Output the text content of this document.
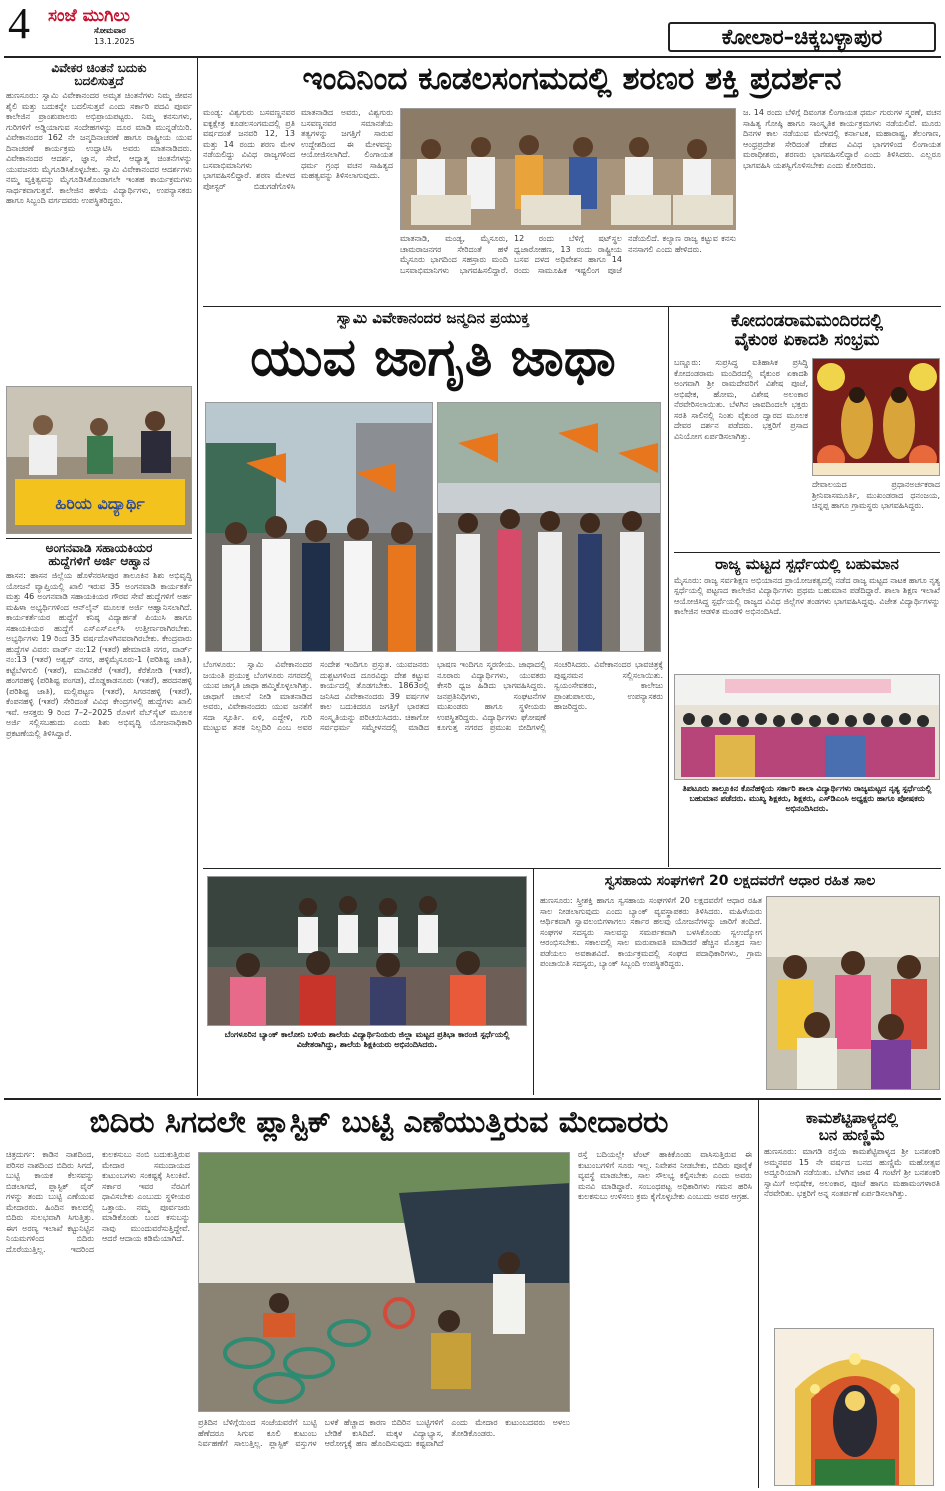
4 ಸಂಜೆ ಮುಗಿಲು
ಸೋಮವಾರ
13.1.2025	ಕೋಲಾರ–ಚಿಕ್ಕಬಳ್ಳಾಪುರ
ವಿವೇಕರ ಚಿಂತನೆ ಬದುಕು
ಬದಲಿಸುತ್ತದೆ
ಹುಣಸೂರು: ಸ್ವಾಮಿ ವಿವೇಕಾನಂದರ ಅಮೃತ ಚಿಂತನೆಗಳು ನಿಮ್ಮ ಜೀವನ ಶೈಲಿ ಮತ್ತು ಬದುಕನ್ನೇ ಬದಲಿಸುತ್ತವೆ ಎಂದು ಸರ್ಕಾರಿ ಪದವಿ ಪೂರ್ವ ಕಾಲೇಜಿನ ಪ್ರಾಂಶುಪಾಲರು ಅಭಿಪ್ರಾಯಪಟ್ಟರು. ನಿಮ್ಮ ಕನಸುಗಳು, ಗುರಿಗಳಿಗೆ ಅಡ್ಡಿಯಾಗುವ ಸಂದೇಹಗಳನ್ನು ದೂರ ಮಾಡಿ ಮುನ್ನಡೆಯಿರಿ. ವಿವೇಕಾನಂದರ 162 ನೇ ಜನ್ಮದಿನಾಚರಣೆ ಹಾಗೂ ರಾಷ್ಟ್ರೀಯ ಯುವ ದಿನಾಚರಣೆ ಕಾರ್ಯಕ್ರಮ ಉದ್ಘಾಟಿಸಿ ಅವರು ಮಾತನಾಡಿದರು. ವಿವೇಕಾನಂದರ ಆದರ್ಶ, ಜ್ಞಾನ, ಸೇವೆ, ಆಧ್ಯಾತ್ಮ ಚಿಂತನೆಗಳನ್ನು ಯುವಜನರು ಮೈಗೂಡಿಸಿಕೊಳ್ಳಬೇಕು. ಸ್ವಾಮಿ ವಿವೇಕಾನಂದರ ಆದರ್ಶಗಳು ನಮ್ಮ ವ್ಯಕ್ತಿತ್ವವನ್ನು ಮೈಗೂಡಿಸಿಕೊಂಡಾಗಲೇ ಇಂತಹ ಕಾರ್ಯಕ್ರಮಗಳು ಸಾರ್ಥಕವಾಗುತ್ತವೆ. ಕಾಲೇಜಿನ ಹಳೆಯ ವಿದ್ಯಾರ್ಥಿಗಳು, ಉಪನ್ಯಾಸಕರು ಹಾಗೂ ಸಿಬ್ಬಂದಿ ವರ್ಗದವರು ಉಪಸ್ಥಿತರಿದ್ದರು.
ಹಿರಿಯ ವಿದ್ಯಾರ್ಥಿ
ಅಂಗನವಾಡಿ ಸಹಾಯಕಿಯರ
ಹುದ್ದೆಗಳಿಗೆ ಅರ್ಜಿ ಆಹ್ವಾನ
ಹಾಸನ: ಹಾಸನ ಜಿಲ್ಲೆಯ ಹೊಳೆನರಸೀಪುರ ತಾಲೂಕಿನ ಶಿಶು ಅಭಿವೃದ್ಧಿ ಯೋಜನೆ ವ್ಯಾಪ್ತಿಯಲ್ಲಿ ಖಾಲಿ ಇರುವ 35 ಅಂಗನವಾಡಿ ಕಾರ್ಯಕರ್ತೆ ಮತ್ತು 46 ಅಂಗನವಾಡಿ ಸಹಾಯಕಿಯರ ಗೌರವ ಸೇವೆ ಹುದ್ದೆಗಳಿಗೆ ಅರ್ಹ ಮಹಿಳಾ ಅಭ್ಯರ್ಥಿಗಳಿಂದ ಆನ್‌ಲೈನ್ ಮೂಲಕ ಅರ್ಜಿ ಆಹ್ವಾನಿಸಲಾಗಿದೆ. ಕಾರ್ಯಕರ್ತೆಯರ ಹುದ್ದೆಗೆ ಕನಿಷ್ಠ ವಿದ್ಯಾರ್ಹತೆ ಪಿಯುಸಿ ಹಾಗೂ ಸಹಾಯಕಿಯರ ಹುದ್ದೆಗೆ ಎಸ್‌ಎಸ್‌ಎಲ್‌ಸಿ ಉತ್ತೀರ್ಣರಾಗಿರಬೇಕು. ಅಭ್ಯರ್ಥಿಗಳು 19 ರಿಂದ 35 ವರ್ಷದೊಳಗಿನವರಾಗಿರಬೇಕು. ಕೇಂದ್ರವಾರು ಹುದ್ದೆಗಳ ವಿವರ: ವಾರ್ಡ್ ನಂ:12 (ಇತರೆ) ಹೇಮಾವತಿ ನಗರ, ವಾರ್ಡ್ ನಂ:13 (ಇತರೆ) ಅಶ್ವಥ್ ನಗರ, ಹಳ್ಳಿಮೈಸೂರು-1 (ಪರಿಶಿಷ್ಟ ಜಾತಿ), ಕಟ್ಟೆಬೆಳಗುಲಿ (ಇತರೆ), ಮಾವಿನಕೆರೆ (ಇತರೆ), ಕೆರೆಕೋಡಿ (ಇತರೆ), ಹಂಗರಹಳ್ಳಿ (ಪರಿಶಿಷ್ಟ ಪಂಗಡ), ದೊಡ್ಡಕಾಡನೂರು (ಇತರೆ), ಹರದನಹಳ್ಳಿ (ಪರಿಶಿಷ್ಟ ಜಾತಿ), ಮಲ್ಲಿಪಟ್ಟಣ (ಇತರೆ), ಸಿಗರನಹಳ್ಳಿ (ಇತರೆ), ಕೆಂಪನಹಳ್ಳಿ (ಇತರೆ) ಸೇರಿದಂತೆ ವಿವಿಧ ಕೇಂದ್ರಗಳಲ್ಲಿ ಹುದ್ದೆಗಳು ಖಾಲಿ ಇವೆ. ಆಸಕ್ತರು 9 ರಿಂದ 7–2–2025 ರೊಳಗೆ ವೆಬ್‌ಸೈಟ್ ಮೂಲಕ ಅರ್ಜಿ ಸಲ್ಲಿಸಬಹುದು ಎಂದು ಶಿಶು ಅಭಿವೃದ್ಧಿ ಯೋಜನಾಧಿಕಾರಿ ಪ್ರಕಟಣೆಯಲ್ಲಿ ತಿಳಿಸಿದ್ದಾರೆ.
ಇಂದಿನಿಂದ ಕೂಡಲಸಂಗಮದಲ್ಲಿ ಶರಣರ ಶಕ್ತಿ ಪ್ರದರ್ಶನ
ಮಂಡ್ಯ: ವಿಶ್ವಗುರು ಬಸವಣ್ಣನವರ ಐಕ್ಯಕ್ಷೇತ್ರ ಕೂಡಲಸಂಗಮದಲ್ಲಿ ಪ್ರತಿ ವರ್ಷದಂತೆ ಜನವರಿ 12, 13 ಮತ್ತು 14 ರಂದು ಶರಣ ಮೇಳ ನಡೆಯಲಿದ್ದು ವಿವಿಧ ರಾಜ್ಯಗಳಿಂದ ಬಸವಾಭಿಮಾನಿಗಳು ಭಾಗವಹಿಸಲಿದ್ದಾರೆ. ಶರಣ ಮೇಳದ ಪೋಸ್ಟರ್ ಬಿಡುಗಡೆಗೊಳಿಸಿ ಮಾತನಾಡಿದ ಅವರು, ವಿಶ್ವಗುರು ಬಸವಣ್ಣನವರ ಸಮಾನತೆಯ ತತ್ವಗಳನ್ನು ಜಗತ್ತಿಗೆ ಸಾರುವ ಉದ್ದೇಶದಿಂದ ಈ ಮೇಳವನ್ನು ಆಯೋಜಿಸಲಾಗಿದೆ. ಲಿಂಗಾಯತ ಧರ್ಮ ಗ್ರಂಥ ವಚನ ಸಾಹಿತ್ಯದ ಮಹತ್ವವನ್ನು ತಿಳಿಸಲಾಗುವುದು.
ಮಾತನಾಡಿ, ಮಂಡ್ಯ, ಮೈಸೂರು, ಚಾಮರಾಜನಗರ ಸೇರಿದಂತೆ ಹಳೆ ಮೈಸೂರು ಭಾಗದಿಂದ ಸಹಸ್ರಾರು ಮಂದಿ ಬಸವಾಭಿಮಾನಿಗಳು ಭಾಗವಹಿಸಲಿದ್ದಾರೆ. 12 ರಂದು ಬೆಳಿಗ್ಗೆ ಷಟ್‌ಸ್ಥಲ ಧ್ವಜಾರೋಹಣ, 13 ರಂದು ರಾಷ್ಟ್ರೀಯ ಬಸವ ದಳದ ಅಧಿವೇಶನ ಹಾಗೂ 14 ರಂದು ಸಾಮೂಹಿಕ ಇಷ್ಟಲಿಂಗ ಪೂಜೆ ನಡೆಯಲಿದೆ. ಕಲ್ಯಾಣ ರಾಜ್ಯ ಕಟ್ಟುವ ಕನಸು ನನಸಾಗಲಿ ಎಂದು ಹೇಳಿದರು.
ಜ. 14 ರಂದು ಬೆಳಿಗ್ಗೆ ದಿವಂಗತ ಲಿಂಗಾಯತ ಧರ್ಮ ಗುರುಗಳ ಸ್ಮರಣೆ, ವಚನ ಸಾಹಿತ್ಯ ಗೋಷ್ಠಿ ಹಾಗೂ ಸಾಂಸ್ಕೃತಿಕ ಕಾರ್ಯಕ್ರಮಗಳು ನಡೆಯಲಿವೆ. ಮೂರು ದಿನಗಳ ಕಾಲ ನಡೆಯುವ ಮೇಳದಲ್ಲಿ ಕರ್ನಾಟಕ, ಮಹಾರಾಷ್ಟ್ರ, ತೆಲಂಗಾಣ, ಆಂಧ್ರಪ್ರದೇಶ ಸೇರಿದಂತೆ ದೇಶದ ವಿವಿಧ ಭಾಗಗಳಿಂದ ಲಿಂಗಾಯತ ಮಠಾಧೀಶರು, ಶರಣರು ಭಾಗವಹಿಸಲಿದ್ದಾರೆ ಎಂದು ತಿಳಿಸಿದರು. ಎಲ್ಲರೂ ಭಾಗವಹಿಸಿ ಯಶಸ್ವಿಗೊಳಿಸಬೇಕು ಎಂದು ಕೋರಿದರು.
ಸ್ವಾಮಿ ವಿವೇಕಾನಂದರ ಜನ್ಮದಿನ ಪ್ರಯುಕ್ತ
ಯುವ ಜಾಗೃತಿ ಜಾಥಾ
ಬೆಂಗಳೂರು: ಸ್ವಾಮಿ ವಿವೇಕಾನಂದರ ಜಯಂತಿ ಪ್ರಯುಕ್ತ ಬೆಂಗಳೂರು ನಗರದಲ್ಲಿ ಯುವ ಜಾಗೃತಿ ಜಾಥಾ ಹಮ್ಮಿಕೊಳ್ಳಲಾಗಿತ್ತು. ಜಾಥಾಗೆ ಚಾಲನೆ ನೀಡಿ ಮಾತನಾಡಿದ ಅವರು, ವಿವೇಕಾನಂದರು ಯುವ ಜನತೆಗೆ ಸದಾ ಸ್ಫೂರ್ತಿ. ಏಳಿ, ಎದ್ದೇಳಿ, ಗುರಿ ಮುಟ್ಟುವ ತನಕ ನಿಲ್ಲದಿರಿ ಎಂಬ ಅವರ ಸಂದೇಶ ಇಂದಿಗೂ ಪ್ರಸ್ತುತ. ಯುವಜನರು ದುಶ್ಚಟಗಳಿಂದ ದೂರವಿದ್ದು ದೇಶ ಕಟ್ಟುವ ಕಾರ್ಯದಲ್ಲಿ ತೊಡಗಬೇಕು. 1863ರಲ್ಲಿ ಜನಿಸಿದ ವಿವೇಕಾನಂದರು 39 ವರ್ಷಗಳ ಕಾಲ ಬದುಕಿದರೂ ಜಗತ್ತಿಗೆ ಭಾರತದ ಸಂಸ್ಕೃತಿಯನ್ನು ಪರಿಚಯಿಸಿದರು. ಚಿಕಾಗೋ ಸರ್ವಧರ್ಮ ಸಮ್ಮೇಳನದಲ್ಲಿ ಮಾಡಿದ ಭಾಷಣ ಇಂದಿಗೂ ಸ್ಮರಣೀಯ. ಜಾಥಾದಲ್ಲಿ ನೂರಾರು ವಿದ್ಯಾರ್ಥಿಗಳು, ಯುವಕರು ಕೇಸರಿ ಧ್ವಜ ಹಿಡಿದು ಭಾಗವಹಿಸಿದ್ದರು. ಜನಪ್ರತಿನಿಧಿಗಳು, ಸಂಘಟನೆಗಳ ಮುಖಂಡರು ಹಾಗೂ ಸ್ಥಳೀಯರು ಉಪಸ್ಥಿತರಿದ್ದರು. ವಿದ್ಯಾರ್ಥಿಗಳು ಘೋಷಣೆ ಕೂಗುತ್ತ ನಗರದ ಪ್ರಮುಖ ಬೀದಿಗಳಲ್ಲಿ ಸಂಚರಿಸಿದರು. ವಿವೇಕಾನಂದರ ಭಾವಚಿತ್ರಕ್ಕೆ ಪುಷ್ಪನಮನ ಸಲ್ಲಿಸಲಾಯಿತು. ಸ್ವಯಂಸೇವಕರು, ಕಾಲೇಜು ಪ್ರಾಂಶುಪಾಲರು, ಉಪನ್ಯಾಸಕರು ಹಾಜರಿದ್ದರು.
ಕೋದಂಡರಾಮಮಂದಿರದಲ್ಲಿ
ವೈಕುಂಠ ಏಕಾದಶಿ ಸಂಭ್ರಮ
ಬಣ್ಣೂರು: ಸುಪ್ರಸಿದ್ಧ ಐತಿಹಾಸಿಕ ಪ್ರಸಿದ್ಧಿ ಕೋದಂಡರಾಮ ಮಂದಿರದಲ್ಲಿ ವೈಕುಂಠ ಏಕಾದಶಿ ಅಂಗವಾಗಿ ಶ್ರೀ ರಾಮದೇವರಿಗೆ ವಿಶೇಷ ಪೂಜೆ, ಅಭಿಷೇಕ, ಹೋಮ, ವಿಶೇಷ ಅಲಂಕಾರ ನೆರವೇರಿಸಲಾಯಿತು. ಬೆಳಗಿನ ಜಾವದಿಂದಲೇ ಭಕ್ತರು ಸರತಿ ಸಾಲಿನಲ್ಲಿ ನಿಂತು ವೈಕುಂಠ ದ್ವಾರದ ಮೂಲಕ ದೇವರ ದರ್ಶನ ಪಡೆದರು. ಭಕ್ತರಿಗೆ ಪ್ರಸಾದ ವಿನಿಯೋಗ ಏರ್ಪಡಿಸಲಾಗಿತ್ತು.
ದೇವಾಲಯದ ಪ್ರಧಾನಅರ್ಚಕರಾದ ಶ್ರೀನಿವಾಸಮೂರ್ತಿ, ಮುಖಂಡರಾದ ಧನಂಜಯ, ಚಿನ್ನಪ್ಪ ಹಾಗೂ ಗ್ರಾಮಸ್ಥರು ಭಾಗವಹಿಸಿದ್ದರು.
ರಾಜ್ಯ ಮಟ್ಟದ ಸ್ಪರ್ಧೆಯಲ್ಲಿ ಬಹುಮಾನ
ಮೈಸೂರು: ರಾಜ್ಯ ಸರ್ವಶಿಕ್ಷಣ ಅಭಿಯಾನದ ಪ್ರಾಯೋಜಕತ್ವದಲ್ಲಿ ನಡೆದ ರಾಜ್ಯ ಮಟ್ಟದ ನಾಟಕ ಹಾಗೂ ನೃತ್ಯ ಸ್ಪರ್ಧೆಯಲ್ಲಿ ಪಟ್ಟಣದ ಕಾಲೇಜಿನ ವಿದ್ಯಾರ್ಥಿಗಳು ಪ್ರಥಮ ಬಹುಮಾನ ಪಡೆದಿದ್ದಾರೆ. ಶಾಲಾ ಶಿಕ್ಷಣ ಇಲಾಖೆ ಆಯೋಜಿಸಿದ್ದ ಸ್ಪರ್ಧೆಯಲ್ಲಿ ರಾಜ್ಯದ ವಿವಿಧ ಜಿಲ್ಲೆಗಳ ತಂಡಗಳು ಭಾಗವಹಿಸಿದ್ದವು. ವಿಜೇತ ವಿದ್ಯಾರ್ಥಿಗಳನ್ನು ಕಾಲೇಜಿನ ಆಡಳಿತ ಮಂಡಳಿ ಅಭಿನಂದಿಸಿದೆ.
ತಿಪಟೂರು ತಾಲ್ಲೂಕಿನ ಕೊನೆಹಳ್ಳಿಯ ಸರ್ಕಾರಿ ಶಾಲಾ ವಿದ್ಯಾರ್ಥಿಗಳು ರಾಜ್ಯಮಟ್ಟದ ನೃತ್ಯ ಸ್ಪರ್ಧೆಯಲ್ಲಿ ಬಹುಮಾನ ಪಡೆದರು. ಮುಖ್ಯ ಶಿಕ್ಷಕರು, ಶಿಕ್ಷಕರು, ಎಸ್‌ಡಿಎಂಸಿ ಅಧ್ಯಕ್ಷರು ಹಾಗೂ ಪೋಷಕರು ಅಭಿನಂದಿಸಿದರು.
ಬೆಂಗಳೂರಿನ ಬ್ಯಾಂಕ್ ಕಾಲೋನಿ ಬಳಿಯ ಶಾಲೆಯ ವಿದ್ಯಾರ್ಥಿನಿಯರು ಜಿಲ್ಲಾ ಮಟ್ಟದ ಪ್ರತಿಭಾ ಕಾರಂಜಿ ಸ್ಪರ್ಧೆಯಲ್ಲಿ ವಿಜೇತರಾಗಿದ್ದು, ಶಾಲೆಯ ಶಿಕ್ಷಕಿಯರು ಅಭಿನಂದಿಸಿದರು.
ಸ್ವಸಹಾಯ ಸಂಘಗಳಿಗೆ 20 ಲಕ್ಷದವರೆಗೆ ಆಧಾರ ರಹಿತ ಸಾಲ
ಹುಣಸೂರು: ಸ್ತ್ರೀಶಕ್ತಿ ಹಾಗೂ ಸ್ವಸಹಾಯ ಸಂಘಗಳಿಗೆ 20 ಲಕ್ಷದವರೆಗೆ ಆಧಾರ ರಹಿತ ಸಾಲ ನೀಡಲಾಗುವುದು ಎಂದು ಬ್ಯಾಂಕ್ ವ್ಯವಸ್ಥಾಪಕರು ತಿಳಿಸಿದರು. ಮಹಿಳೆಯರು ಆರ್ಥಿಕವಾಗಿ ಸ್ವಾವಲಂಬಿಗಳಾಗಲು ಸರ್ಕಾರ ಹಲವು ಯೋಜನೆಗಳನ್ನು ಜಾರಿಗೆ ತಂದಿದೆ. ಸಂಘಗಳ ಸದಸ್ಯರು ಸಾಲವನ್ನು ಸಮರ್ಪಕವಾಗಿ ಬಳಸಿಕೊಂಡು ಸ್ವಉದ್ಯೋಗ ಆರಂಭಿಸಬೇಕು. ಸಕಾಲದಲ್ಲಿ ಸಾಲ ಮರುಪಾವತಿ ಮಾಡಿದರೆ ಹೆಚ್ಚಿನ ಮೊತ್ತದ ಸಾಲ ಪಡೆಯಲು ಅವಕಾಶವಿದೆ. ಕಾರ್ಯಕ್ರಮದಲ್ಲಿ ಸಂಘದ ಪದಾಧಿಕಾರಿಗಳು, ಗ್ರಾಮ ಪಂಚಾಯಿತಿ ಸದಸ್ಯರು, ಬ್ಯಾಂಕ್ ಸಿಬ್ಬಂದಿ ಉಪಸ್ಥಿತರಿದ್ದರು.
ಬಿದಿರು ಸಿಗದಲೇ ಪ್ಲಾಸ್ಟಿಕ್ ಬುಟ್ಟಿ ಎಣೆಯುತ್ತಿರುವ ಮೇದಾರರು
ಚಿತ್ರದುರ್ಗ: ಕಾಡಿನ ನಾಶದಿಂದ, ಪರಿಸರ ನಾಶದಿಂದ ಬಿದಿರು ಸಿಗದೆ, ಬುಟ್ಟಿ ಕಾಯಕ ಕೆಲಸವನ್ನು ಬಿಡಲಾಗದೆ, ಪ್ಲಾಸ್ಟಿಕ್ ವೈರ್ ಗಳನ್ನು ತಂದು ಬುಟ್ಟಿ ಎಣೆಯುವ ಮೇದಾರರು. ಹಿಂದಿನ ಕಾಲದಲ್ಲಿ ಬಿದಿರು ಸುಲಭವಾಗಿ ಸಿಗುತ್ತಿತ್ತು. ಈಗ ಅರಣ್ಯ ಇಲಾಖೆ ಕಟ್ಟುನಿಟ್ಟಿನ ನಿಯಮಗಳಿಂದ ಬಿದಿರು ದೊರೆಯುತ್ತಿಲ್ಲ. ಇದರಿಂದ ಕುಲಕಸುಬು ನಂಬಿ ಬದುಕುತ್ತಿರುವ ಮೇದಾರ ಸಮುದಾಯದ ಕುಟುಂಬಗಳು ಸಂಕಷ್ಟಕ್ಕೆ ಸಿಲುಕಿವೆ. ಸರ್ಕಾರ ಇವರ ನೆರವಿಗೆ ಧಾವಿಸಬೇಕು ಎಂಬುದು ಸ್ಥಳೀಯರ ಒತ್ತಾಯ. ನಮ್ಮ ಪೂರ್ವಜರು ಮಾಡಿಕೊಂಡು ಬಂದ ಕಸುಬನ್ನು ನಾವು ಮುಂದುವರೆಸುತ್ತಿದ್ದೇವೆ. ಆದರೆ ಆದಾಯ ಕಡಿಮೆಯಾಗಿದೆ.
ಪ್ರತಿದಿನ ಬೆಳಿಗ್ಗೆಯಿಂದ ಸಂಜೆಯವರೆಗೆ ಬುಟ್ಟಿ ಹೆಣೆದರೂ ಸಿಗುವ ಕೂಲಿ ಕುಟುಂಬ ನಿರ್ವಹಣೆಗೆ ಸಾಲುತ್ತಿಲ್ಲ. ಪ್ಲಾಸ್ಟಿಕ್ ವಸ್ತುಗಳ ಬಳಕೆ ಹೆಚ್ಚಾದ ಕಾರಣ ಬಿದಿರಿನ ಬುಟ್ಟಿಗಳಿಗೆ ಬೇಡಿಕೆ ಕುಸಿದಿದೆ. ಮಕ್ಕಳ ವಿದ್ಯಾಭ್ಯಾಸ, ಆರೋಗ್ಯಕ್ಕೆ ಹಣ ಹೊಂದಿಸುವುದು ಕಷ್ಟವಾಗಿದೆ ಎಂದು ಮೇದಾರ ಕುಟುಂಬದವರು ಅಳಲು ತೋಡಿಕೊಂಡರು.
ರಸ್ತೆ ಬದಿಯಲ್ಲೇ ಟೆಂಟ್ ಹಾಕಿಕೊಂಡು ವಾಸಿಸುತ್ತಿರುವ ಈ ಕುಟುಂಬಗಳಿಗೆ ಸೂರು ಇಲ್ಲ. ನಿವೇಶನ ನೀಡಬೇಕು, ಬಿದಿರು ಪೂರೈಕೆ ವ್ಯವಸ್ಥೆ ಮಾಡಬೇಕು, ಸಾಲ ಸೌಲಭ್ಯ ಕಲ್ಪಿಸಬೇಕು ಎಂದು ಅವರು ಮನವಿ ಮಾಡಿದ್ದಾರೆ. ಸಂಬಂಧಪಟ್ಟ ಅಧಿಕಾರಿಗಳು ಗಮನ ಹರಿಸಿ ಕುಲಕಸುಬು ಉಳಿಸಲು ಕ್ರಮ ಕೈಗೊಳ್ಳಬೇಕು ಎಂಬುದು ಅವರ ಆಗ್ರಹ.
ಕಾಮಶೆಟ್ಟಿಪಾಳ್ಯದಲ್ಲಿ
ಬನ ಹುಣ್ಣಿಮೆ
ಹುಣಸೂರು: ಮಾಗಡಿ ರಸ್ತೆಯ ಕಾಮಶೆಟ್ಟಿಪಾಳ್ಯದ ಶ್ರೀ ಬನಶಂಕರಿ ಅಮ್ಮನವರ 15 ನೇ ವರ್ಷದ ಬನದ ಹುಣ್ಣಿಮೆ ಮಹೋತ್ಸವ ಅದ್ದೂರಿಯಾಗಿ ನಡೆಯಿತು. ಬೆಳಗಿನ ಜಾವ 4 ಗಂಟೆಗೆ ಶ್ರೀ ಬನಶಂಕರಿ ಸ್ವಾಮಿಗೆ ಅಭಿಷೇಕ, ಅಲಂಕಾರ, ಪೂಜೆ ಹಾಗೂ ಮಹಾಮಂಗಳಾರತಿ ನೆರವೇರಿತು. ಭಕ್ತರಿಗೆ ಅನ್ನ ಸಂತರ್ಪಣೆ ಏರ್ಪಡಿಸಲಾಗಿತ್ತು.
